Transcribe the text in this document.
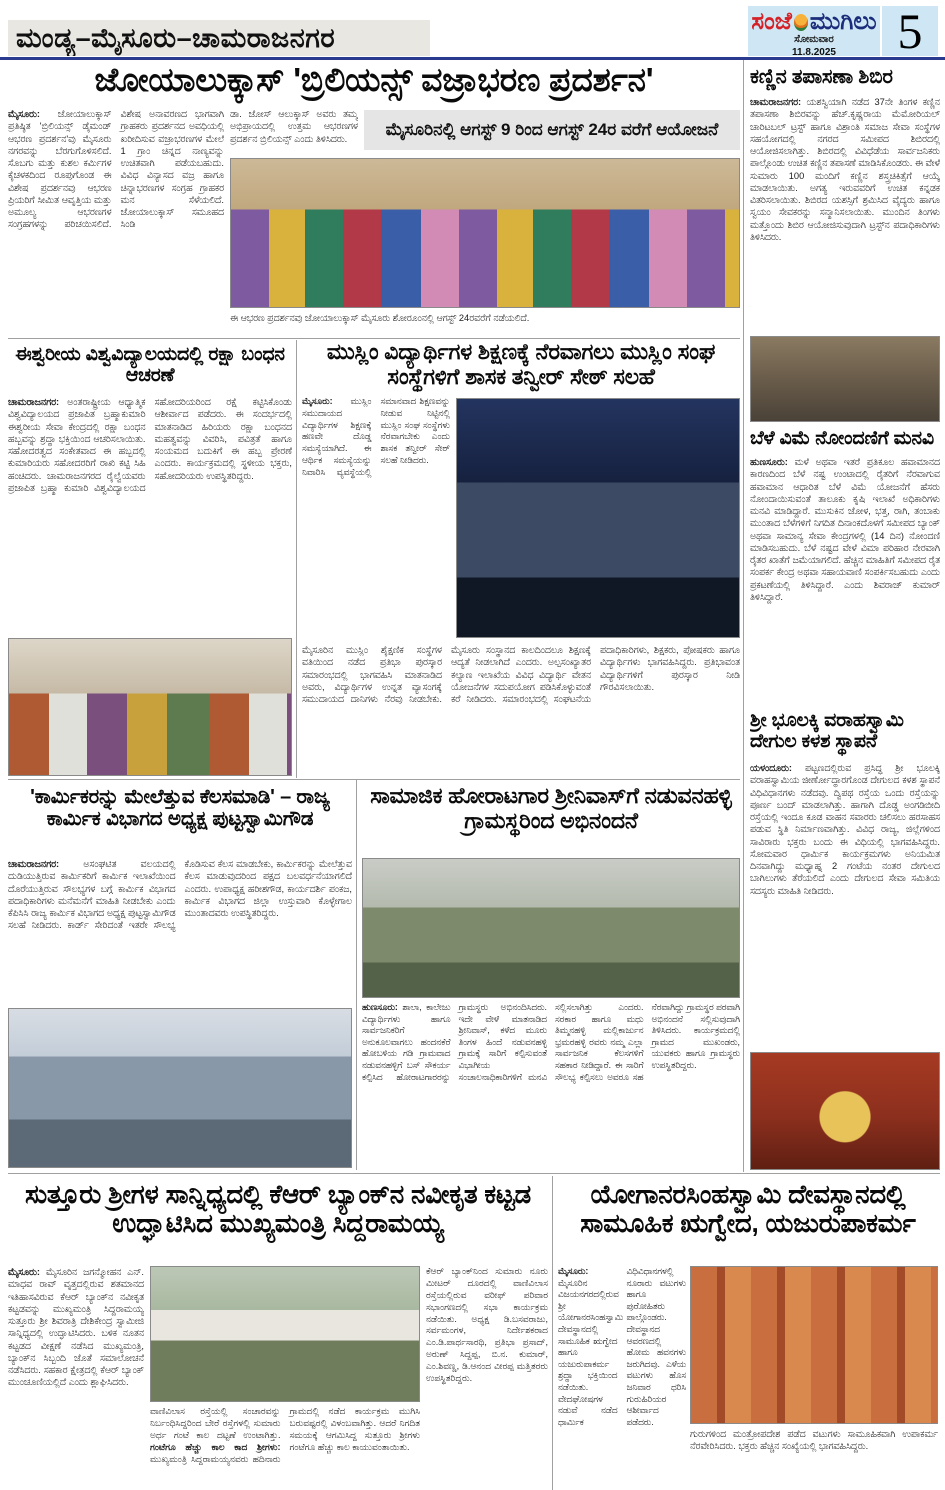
ಮಂಡ್ಯ–ಮೈಸೂರು–ಚಾಮರಾಜನಗರ
ಸಂಜೆ ಮುಗಿಲು
ಸೋಮವಾರ
11.8.2025	5
ಜೋಯಾಲುಕ್ಕಾಸ್ 'ಬ್ರಿಲಿಯನ್ಸ್ ವಜ್ರಾಭರಣ ಪ್ರದರ್ಶನ'
ಮೈಸೂರು: ಜೋಯಾಲುಕ್ಕಾಸ್ ಪ್ರತಿಷ್ಠಿತ 'ಬ್ರಿಲಿಯನ್ಸ್ ಡೈಮಂಡ್ ಆಭರಣ ಪ್ರದರ್ಶನ'ವು ಮೈಸೂರು ನಗರವನ್ನು ಬೆರಗುಗೊಳಿಸಲಿದೆ. ಸೊಬಗು ಮತ್ತು ಕುಶಲ ಕರ್ಮಿಗಳ ಕೈಚಳಕದಿಂದ ರೂಪುಗೊಂಡ ಈ ವಿಶೇಷ ಪ್ರದರ್ಶನವು ಆಭರಣ ಪ್ರಿಯರಿಗೆ ಸೀಮಿತ ಆವೃತ್ತಿಯ ಮತ್ತು ಅಮೂಲ್ಯ ಆಭರಣಗಳ ಸಂಗ್ರಹಗಳನ್ನು ಪರಿಚಯಿಸಲಿದೆ. ವಿಶೇಷ ಅನಾವರಣದ ಭಾಗವಾಗಿ ಗ್ರಾಹಕರು ಪ್ರದರ್ಶನದ ಅವಧಿಯಲ್ಲಿ ಖರೀದಿಸುವ ವಜ್ರಾಭರಣಗಳ ಮೇಲೆ 1 ಗ್ರಾಂ ಚಿನ್ನದ ನಾಣ್ಯವನ್ನು ಉಚಿತವಾಗಿ ಪಡೆಯಬಹುದು. ವಿವಿಧ ವಿನ್ಯಾಸದ ವಜ್ರ ಹಾಗೂ ಚಿನ್ನಾಭರಣಗಳ ಸಂಗ್ರಹ ಗ್ರಾಹಕರ ಮನ ಸೆಳೆಯಲಿದೆ. ಜೋಯಾಲುಕ್ಕಾಸ್ ಸಮೂಹದ ಸಿಂಡಿ
ಡಾ. ಜೋಸ್ ಆಲುಕ್ಕಾಸ್ ಅವರು ತಮ್ಮ ಅಭಿಪ್ರಾಯದಲ್ಲಿ ಉತ್ತಮ ಆಭರಣಗಳ ಪ್ರದರ್ಶನ ಬ್ರಿಲಿಯನ್ಸ್ ಎಂದು ತಿಳಿಸಿದರು.	ಮೈಸೂರಿನಲ್ಲಿ ಆಗಸ್ಟ್ 9 ರಿಂದ ಆಗಸ್ಟ್ 24ರ ವರೆಗೆ ಆಯೋಜನೆ
ಈ ಆಭರಣ ಪ್ರದರ್ಶನವು ಜೋಯಾಲುಕ್ಕಾಸ್ ಮೈಸೂರು ಶೋರೂಂನಲ್ಲಿ ಆಗಸ್ಟ್ 24ರವರೆಗೆ ನಡೆಯಲಿದೆ.
ಕಣ್ಣಿನ ತಪಾಸಣಾ ಶಿಬಿರ
ಚಾಮರಾಜನಗರ: ಯಶಸ್ವಿಯಾಗಿ ನಡೆದ 37ನೇ ತಿಂಗಳ ಕಣ್ಣಿನ ತಪಾಸಣಾ ಶಿಬಿರವನ್ನು ಹೆಚ್.ಕೃಷ್ಣರಾಯ ಮೆಮೋರಿಯಲ್ ಚಾರಿಟಬಲ್ ಟ್ರಸ್ಟ್ ಹಾಗೂ ವಿಶ್ರಾಂತಿ ಸಮಾಜ ಸೇವಾ ಸಂಸ್ಥೆಗಳ ಸಹಯೋಗದಲ್ಲಿ ನಗರದ ಸಮೀಪದ ಶಿಬಿರದಲ್ಲಿ ಆಯೋಜಿಸಲಾಗಿತ್ತು. ಶಿಬಿರದಲ್ಲಿ ವಿವಿಧೆಡೆಯ ಸಾರ್ವಜನಿಕರು ಪಾಲ್ಗೊಂಡು ಉಚಿತ ಕಣ್ಣಿನ ತಪಾಸಣೆ ಮಾಡಿಸಿಕೊಂಡರು. ಈ ವೇಳೆ ಸುಮಾರು 100 ಮಂದಿಗೆ ಕಣ್ಣಿನ ಶಸ್ತ್ರಚಿಕಿತ್ಸೆಗೆ ಆಯ್ಕೆ ಮಾಡಲಾಯಿತು. ಅಗತ್ಯ ಇರುವವರಿಗೆ ಉಚಿತ ಕನ್ನಡಕ ವಿತರಿಸಲಾಯಿತು. ಶಿಬಿರದ ಯಶಸ್ಸಿಗೆ ಶ್ರಮಿಸಿದ ವೈದ್ಯರು ಹಾಗೂ ಸ್ವಯಂ ಸೇವಕರನ್ನು ಸನ್ಮಾನಿಸಲಾಯಿತು. ಮುಂದಿನ ತಿಂಗಳು ಮತ್ತೊಂದು ಶಿಬಿರ ಆಯೋಜಿಸುವುದಾಗಿ ಟ್ರಸ್ಟ್‌ನ ಪದಾಧಿಕಾರಿಗಳು ತಿಳಿಸಿದರು.
ಬೆಳೆ ವಿಮೆ ನೋಂದಣಿಗೆ ಮನವಿ
ಹುಣಸೂರು: ಮಳೆ ಅಥವಾ ಇತರೆ ಪ್ರತಿಕೂಲ ಹವಾಮಾನದ ಕಾರಣದಿಂದ ಬೆಳೆ ನಷ್ಟ ಉಂಟಾದಲ್ಲಿ ರೈತರಿಗೆ ನೆರವಾಗುವ ಹವಾಮಾನ ಆಧಾರಿತ ಬೆಳೆ ವಿಮೆ ಯೋಜನೆಗೆ ಹೆಸರು ನೋಂದಾಯಿಸುವಂತೆ ತಾಲೂಕು ಕೃಷಿ ಇಲಾಖೆ ಅಧಿಕಾರಿಗಳು ಮನವಿ ಮಾಡಿದ್ದಾರೆ. ಮುಸುಕಿನ ಜೋಳ, ಭತ್ತ, ರಾಗಿ, ತಂಬಾಕು ಮುಂತಾದ ಬೆಳೆಗಳಿಗೆ ನಿಗದಿತ ದಿನಾಂಕದೊಳಗೆ ಸಮೀಪದ ಬ್ಯಾಂಕ್ ಅಥವಾ ಸಾಮಾನ್ಯ ಸೇವಾ ಕೇಂದ್ರಗಳಲ್ಲಿ (14 ದಿನ) ನೋಂದಣಿ ಮಾಡಿಸಬಹುದು. ಬೆಳೆ ನಷ್ಟದ ವೇಳೆ ವಿಮಾ ಪರಿಹಾರ ನೇರವಾಗಿ ರೈತರ ಖಾತೆಗೆ ಜಮೆಯಾಗಲಿದೆ. ಹೆಚ್ಚಿನ ಮಾಹಿತಿಗೆ ಸಮೀಪದ ರೈತ ಸಂಪರ್ಕ ಕೇಂದ್ರ ಅಥವಾ ಸಹಾಯವಾಣಿ ಸಂಪರ್ಕಿಸಬಹುದು ಎಂದು ಪ್ರಕಟಣೆಯಲ್ಲಿ ತಿಳಿಸಿದ್ದಾರೆ. ಎಂದು ಶಿವರಾಜ್ ಕುಮಾರ್ ತಿಳಿಸಿದ್ದಾರೆ.
ಶ್ರೀ ಭೂಲಕ್ಕಿ ವರಾಹಸ್ವಾಮಿ ದೇಗುಲ ಕಳಶ ಸ್ಥಾಪನೆ
ಯಳಂದೂರು: ಪಟ್ಟಣದಲ್ಲಿರುವ ಪ್ರಸಿದ್ಧ ಶ್ರೀ ಭೂಲಕ್ಕಿ ವರಾಹಸ್ವಾಮಿಯ ಜೀರ್ಣೋದ್ಧಾರಗೊಂಡ ದೇಗುಲದ ಕಳಶ ಸ್ಥಾಪನೆ ವಿಧಿವಿಧಾನಗಳು ನಡೆದವು. ದ್ವಿಪಥ ರಸ್ತೆಯ ಒಂದು ರಸ್ತೆಯನ್ನು ಪೂರ್ಣ ಬಂದ್ ಮಾಡಲಾಗಿತ್ತು. ಹಾಗಾಗಿ ದೊಡ್ಡ ಅಂಗಡಿಬೀದಿ ರಸ್ತೆಯಲ್ಲಿ ಇಂದೂ ಕೂಡ ವಾಹನ ಸವಾರರು ಚಲಿಸಲು ಹರಸಾಹಸ ಪಡುವ ಸ್ಥಿತಿ ನಿರ್ಮಾಣವಾಗಿತ್ತು. ವಿವಿಧ ರಾಜ್ಯ, ಜಿಲ್ಲೆಗಳಿಂದ ಸಾವಿರಾರು ಭಕ್ತರು ಬಂದು ಈ ವಿಧಿಯಲ್ಲಿ ಭಾಗವಹಿಸಿದ್ದರು. ಸೋಮವಾರ ಧಾರ್ಮಿಕ ಕಾರ್ಯಕ್ರಮಗಳು ಅನಿಯಮಿತ ದಿನವಾಗಿದ್ದು ಮಧ್ಯಾಹ್ನ 2 ಗಂಟೆಯ ನಂತರ ದೇಗುಲದ ಬಾಗಿಲುಗಳು ತೆರೆಯಲಿದೆ ಎಂದು ದೇಗುಲದ ಸೇವಾ ಸಮಿತಿಯ ಸದಸ್ಯರು ಮಾಹಿತಿ ನೀಡಿದರು.
ಈಶ್ವರೀಯ ವಿಶ್ವವಿದ್ಯಾಲಯದಲ್ಲಿ ರಕ್ಷಾ ಬಂಧನ ಆಚರಣೆ
ಚಾಮರಾಜನಗರ: ಅಂತರಾಷ್ಟ್ರೀಯ ಆಧ್ಯಾತ್ಮಿಕ ವಿಶ್ವವಿದ್ಯಾಲಯದ ಪ್ರಜಾಪಿತ ಬ್ರಹ್ಮಾಕುಮಾರಿ ಈಶ್ವರೀಯ ಸೇವಾ ಕೇಂದ್ರದಲ್ಲಿ ರಕ್ಷಾ ಬಂಧನ ಹಬ್ಬವನ್ನು ಶ್ರದ್ಧಾ ಭಕ್ತಿಯಿಂದ ಆಚರಿಸಲಾಯಿತು. ಸಹೋದರತ್ವದ ಸಂಕೇತವಾದ ಈ ಹಬ್ಬದಲ್ಲಿ ಕುಮಾರಿಯರು ಸಹೋದರರಿಗೆ ರಾಖಿ ಕಟ್ಟಿ ಸಿಹಿ ಹಂಚಿದರು. ಚಾಮರಾಜನಗರದ ರೈಲ್ವೆಯವರು ಪ್ರಜಾಪಿತ ಬ್ರಹ್ಮಾ ಕುಮಾರಿ ವಿಶ್ವವಿದ್ಯಾಲಯದ ಸಹೋದರಿಯರಿಂದ ರಕ್ಷೆ ಕಟ್ಟಿಸಿಕೊಂಡು ಆಶೀರ್ವಾದ ಪಡೆದರು. ಈ ಸಂದರ್ಭದಲ್ಲಿ ಮಾತನಾಡಿದ ಹಿರಿಯರು ರಕ್ಷಾ ಬಂಧನದ ಮಹತ್ವವನ್ನು ವಿವರಿಸಿ, ಪವಿತ್ರತೆ ಹಾಗೂ ಸಂಯಮದ ಬದುಕಿಗೆ ಈ ಹಬ್ಬ ಪ್ರೇರಣೆ ಎಂದರು. ಕಾರ್ಯಕ್ರಮದಲ್ಲಿ ಸ್ಥಳೀಯ ಭಕ್ತರು, ಸಹೋದರಿಯರು ಉಪಸ್ಥಿತರಿದ್ದರು.
ಮುಸ್ಲಿಂ ವಿದ್ಯಾರ್ಥಿಗಳ ಶಿಕ್ಷಣಕ್ಕೆ ನೆರವಾಗಲು ಮುಸ್ಲಿಂ ಸಂಘ ಸಂಸ್ಥೆಗಳಿಗೆ ಶಾಸಕ ತನ್ವೀರ್ ಸೇಠ್ ಸಲಹೆ
ಮೈಸೂರು: ಮುಸ್ಲಿಂ ಸಮುದಾಯದ ವಿದ್ಯಾರ್ಥಿಗಳ ಶಿಕ್ಷಣಕ್ಕೆ ಹಣವೇ ದೊಡ್ಡ ಸಮಸ್ಯೆಯಾಗಿದೆ. ಈ ಆರ್ಥಿಕ ಸಮಸ್ಯೆಯನ್ನು ನಿವಾರಿಸಿ ವ್ಯವಸ್ಥೆಯಲ್ಲಿ ಸಮಾನವಾದ ಶಿಕ್ಷಣವನ್ನು ನೀಡುವ ನಿಟ್ಟಿನಲ್ಲಿ ಮುಸ್ಲಿಂ ಸಂಘ ಸಂಸ್ಥೆಗಳು ನೆರವಾಗಬೇಕು ಎಂದು ಶಾಸಕ ತನ್ವೀರ್ ಸೇಠ್ ಸಲಹೆ ನೀಡಿದರು.
ಮೈಸೂರಿನ ಮುಸ್ಲಿಂ ಶೈಕ್ಷಣಿಕ ಸಂಸ್ಥೆಗಳ ವತಿಯಿಂದ ನಡೆದ ಪ್ರತಿಭಾ ಪುರಸ್ಕಾರ ಸಮಾರಂಭದಲ್ಲಿ ಭಾಗವಹಿಸಿ ಮಾತನಾಡಿದ ಅವರು, ವಿದ್ಯಾರ್ಥಿಗಳ ಉನ್ನತ ವ್ಯಾಸಂಗಕ್ಕೆ ಸಮುದಾಯದ ದಾನಿಗಳು ನೆರವು ನೀಡಬೇಕು. ಮೈಸೂರು ಸಂಸ್ಥಾನದ ಕಾಲದಿಂದಲೂ ಶಿಕ್ಷಣಕ್ಕೆ ಆದ್ಯತೆ ನೀಡಲಾಗಿದೆ ಎಂದರು. ಅಲ್ಪಸಂಖ್ಯಾತರ ಕಲ್ಯಾಣ ಇಲಾಖೆಯ ವಿವಿಧ ವಿದ್ಯಾರ್ಥಿ ವೇತನ ಯೋಜನೆಗಳ ಸದುಪಯೋಗ ಪಡಿಸಿಕೊಳ್ಳುವಂತೆ ಕರೆ ನೀಡಿದರು. ಸಮಾರಂಭದಲ್ಲಿ ಸಂಘಟನೆಯ ಪದಾಧಿಕಾರಿಗಳು, ಶಿಕ್ಷಕರು, ಪೋಷಕರು ಹಾಗೂ ವಿದ್ಯಾರ್ಥಿಗಳು ಭಾಗವಹಿಸಿದ್ದರು. ಪ್ರತಿಭಾವಂತ ವಿದ್ಯಾರ್ಥಿಗಳಿಗೆ ಪುರಸ್ಕಾರ ನೀಡಿ ಗೌರವಿಸಲಾಯಿತು.
'ಕಾರ್ಮಿಕರನ್ನು ಮೇಲೆತ್ತುವ ಕೆಲಸಮಾಡಿ' – ರಾಜ್ಯ ಕಾರ್ಮಿಕ ವಿಭಾಗದ ಅಧ್ಯಕ್ಷ ಪುಟ್ಟಸ್ವಾಮಿಗೌಡ
ಚಾಮರಾಜನಗರ:	ಅಸಂಘಟಿತ ವಲಯದಲ್ಲಿ ದುಡಿಯುತ್ತಿರುವ ಕಾರ್ಮಿಕರಿಗೆ ಕಾರ್ಮಿಕ ಇಲಾಖೆಯಿಂದ ದೊರೆಯುತ್ತಿರುವ ಸೌಲಭ್ಯಗಳ ಬಗ್ಗೆ ಕಾರ್ಮಿಕ ವಿಭಾಗದ ಪದಾಧಿಕಾರಿಗಳು ಮನೆಮನೆಗೆ ಮಾಹಿತಿ ನೀಡಬೇಕು ಎಂದು ಕೆಪಿಸಿಸಿ ರಾಜ್ಯ ಕಾರ್ಮಿಕ ವಿಭಾಗದ ಅಧ್ಯಕ್ಷ ಪುಟ್ಟಸ್ವಾಮಿಗೌಡ ಸಲಹೆ ನೀಡಿದರು. ಕಾರ್ಡ್ ಸೇರಿದಂತೆ ಇತರೇ ಸೌಲಭ್ಯ ಕೊಡಿಸುವ ಕೆಲಸ ಮಾಡಬೇಕು, ಕಾರ್ಮಿಕರನ್ನು ಮೇಲೆತ್ತುವ ಕೆಲಸ ಮಾಡುವುದರಿಂದ ಪಕ್ಷದ ಬಲವರ್ಧನೆಯಾಗಲಿದೆ ಎಂದರು. ಉಪಾಧ್ಯಕ್ಷ ಹರೀಶಗೌಡ, ಕಾರ್ಯದರ್ಶಿ ಪಂಕಜ, ಕಾರ್ಮಿಕ ವಿಭಾಗದ ಜಿಲ್ಲಾ ಉಸ್ತುವಾರಿ ಕೊಳ್ಳೇಗಾಲ ಮುಂತಾದವರು ಉಪಸ್ಥಿತರಿದ್ದರು.
ಸಾಮಾಜಿಕ ಹೋರಾಟಗಾರ ಶ್ರೀನಿವಾಸ್‌ಗೆ ನಡುವನಹಳ್ಳಿ ಗ್ರಾಮಸ್ಥರಿಂದ ಅಭಿನಂದನೆ
ಹುಣಸೂರು: ಶಾಲಾ, ಕಾಲೇಜು ವಿದ್ಯಾರ್ಥಿಗಳು ಹಾಗೂ ಸಾರ್ವಜನಿಕರಿಗೆ ಅನುಕೂಲವಾಗಲು ಹಂದನಕೆರೆ ಹೋಬಳಿಯ ಗಡಿ ಗ್ರಾಮವಾದ ನಡುವನಹಳ್ಳಿಗೆ ಬಸ್ ಸೌಕರ್ಯ ಕಲ್ಪಿಸಿದ ಹೋರಾಟಗಾರರನ್ನು ಗ್ರಾಮಸ್ಥರು ಅಭಿನಂದಿಸಿದರು. ಇದೇ ವೇಳೆ ಮಾತನಾಡಿದ ಶ್ರೀನಿವಾಸ್, ಕಳೆದ ಮೂರು ತಿಂಗಳ ಹಿಂದೆ ನಡುವನಹಳ್ಳಿ ಗ್ರಾಮಕ್ಕೆ ಸಾರಿಗೆ ಕಲ್ಪಿಸುವಂತೆ ವಿಭಾಗೀಯ ಸಂಚಾಲನಾಧಿಕಾರಿಗಳಿಗೆ ಮನವಿ ಸಲ್ಲಿಸಲಾಗಿತ್ತು ಎಂದರು. ಸರಕಾರ ಹಾಗೂ ಮಧು ತಿಮ್ಮನಹಳ್ಳಿ ಮಲ್ಲಿಕಾರ್ಜುನ ಭ್ರಮರಹಳ್ಳಿ ರವರು ನಮ್ಮ ಎಲ್ಲಾ ಸಾರ್ವಜನಿಕ ಕೆಲಸಗಳಿಗೆ ಸಹಕಾರ ನೀಡಿದ್ದಾರೆ. ಈ ಸಾರಿಗೆ ಸೌಲಭ್ಯ ಕಲ್ಪಿಸಲು ಅವರೂ ಸಹ ನೆರವಾಗಿದ್ದು ಗ್ರಾಮಸ್ಥರ ಪರವಾಗಿ ಅಭಿನಂದನೆ ಸಲ್ಲಿಸುವುದಾಗಿ ತಿಳಿಸಿದರು. ಕಾರ್ಯಕ್ರಮದಲ್ಲಿ ಗ್ರಾಮದ ಮುಖಂಡರು, ಯುವಕರು ಹಾಗೂ ಗ್ರಾಮಸ್ಥರು ಉಪಸ್ಥಿತರಿದ್ದರು.
ಸುತ್ತೂರು ಶ್ರೀಗಳ ಸಾನ್ನಿಧ್ಯದಲ್ಲಿ ಕೆಆರ್ ಬ್ಯಾಂಕ್‌ನ ನವೀಕೃತ ಕಟ್ಟಡ ಉದ್ಘಾಟಿಸಿದ ಮುಖ್ಯಮಂತ್ರಿ ಸಿದ್ದರಾಮಯ್ಯ
ಮೈಸೂರು: ಮೈಸೂರಿನ ಜಗನ್ಮೋಹನ ಎನ್. ಮಾಧವ ರಾವ್ ವೃತ್ತದಲ್ಲಿರುವ ಶತಮಾನದ ಇತಿಹಾಸವಿರುವ ಕೆಆರ್ ಬ್ಯಾಂಕ್‌ನ ನವೀಕೃತ ಕಟ್ಟಡವನ್ನು ಮುಖ್ಯಮಂತ್ರಿ ಸಿದ್ದರಾಮಯ್ಯ ಸುತ್ತೂರು ಶ್ರೀ ಶಿವರಾತ್ರಿ ದೇಶಿಕೇಂದ್ರ ಸ್ವಾಮೀಜಿ ಸಾನ್ನಿಧ್ಯದಲ್ಲಿ ಉದ್ಘಾಟಿಸಿದರು. ಬಳಿಕ ನೂತನ ಕಟ್ಟಡದ ವೀಕ್ಷಣೆ ನಡೆಸಿದ ಮುಖ್ಯಮಂತ್ರಿ, ಬ್ಯಾಂಕ್‌ನ ಸಿಬ್ಬಂದಿ ಜೊತೆ ಸಮಾಲೋಚನೆ ನಡೆಸಿದರು. ಸಹಕಾರ ಕ್ಷೇತ್ರದಲ್ಲಿ ಕೆಆರ್ ಬ್ಯಾಂಕ್ ಮುಂಚೂಣಿಯಲ್ಲಿದೆ ಎಂದು ಶ್ಲಾಘಿಸಿದರು.
ಕೆಆರ್ ಬ್ಯಾಂಕ್‌ನಿಂದ ಸುಮಾರು ನೂರು ಮೀಟರ್ ದೂರದಲ್ಲಿ ವಾಣಿವಿಲಾಸ ರಸ್ತೆಯಲ್ಲಿರುವ ವರೀಫ್ ಪರಿವಾರ ಸಭಾಂಗಣದಲ್ಲಿ ಸಭಾ ಕಾರ್ಯಕ್ರಮ ನಡೆಯಿತು. ಅಧ್ಯಕ್ಷ ಡಿ.ಬಸವರಾಜು, ಸರ್ವಮಂಗಳ, ನಿರ್ದೇಶಕರಾದ ಎಂ.ಡಿ.ಪಾರ್ಥಸಾರಥಿ, ಪ್ರತಿಭಾ ಪ್ರಸಾದ್, ಅರುಣ್ ಸಿದ್ದಪ್ಪ, ಬಿ.ನ. ಕುಮಾರ್, ಎಂ.ಶಿವಣ್ಣ, ಡಿ.ಆನಂದ ವೀರಪ್ಪ ಮತ್ತಿತರರು ಉಪಸ್ಥಿತರಿದ್ದರು.
ವಾಣಿವಿಲಾಸ ರಸ್ತೆಯಲ್ಲಿ ಸಂಚಾರವನ್ನು ನಿರ್ಬಂಧಿಸಿದ್ದರಿಂದ ಬೇರೆ ರಸ್ತೆಗಳಲ್ಲಿ ಸುಮಾರು ಅರ್ಧ ಗಂಟೆ ಕಾಲ ದಟ್ಟಣೆ ಉಂಟಾಗಿತ್ತು. ಗಂಟೆಗೂ ಹೆಚ್ಚು ಕಾಲ ಕಾದ ಶ್ರೀಗಳು: ಮುಖ್ಯಮಂತ್ರಿ ಸಿದ್ದರಾಮಯ್ಯನವರು ಹದಿನಾರು ಗ್ರಾಮದಲ್ಲಿ ನಡೆದ ಕಾರ್ಯಕ್ರಮ ಮುಗಿಸಿ ಬರುವಷ್ಟರಲ್ಲಿ ವಿಳಂಬವಾಗಿತ್ತು. ಆದರೆ ನಿಗದಿತ ಸಮಯಕ್ಕೆ ಆಗಮಿಸಿದ್ದ ಸುತ್ತೂರು ಶ್ರೀಗಳು ಗಂಟೆಗೂ ಹೆಚ್ಚು ಕಾಲ ಕಾಯುವಂತಾಯಿತು.
ಯೋಗಾನರಸಿಂಹಸ್ವಾಮಿ ದೇವಸ್ಥಾನದಲ್ಲಿ ಸಾಮೂಹಿಕ ಋಗ್ವೇದ, ಯಜುರುಪಾಕರ್ಮ
ಮೈಸೂರು: ಮೈಸೂರಿನ ವಿಜಯನಗರದಲ್ಲಿರುವ ಶ್ರೀ ಯೋಗಾನರಸಿಂಹಸ್ವಾಮಿ ದೇವಸ್ಥಾನದಲ್ಲಿ ಸಾಮೂಹಿಕ ಋಗ್ವೇದ ಹಾಗೂ ಯಜುರುಪಾಕರ್ಮ ಶ್ರದ್ಧಾ ಭಕ್ತಿಯಿಂದ ನಡೆಯಿತು. ವೇದಘೋಷಗಳ ನಡುವೆ ನಡೆದ ಧಾರ್ಮಿಕ ವಿಧಿವಿಧಾನಗಳಲ್ಲಿ ನೂರಾರು ವಟುಗಳು ಹಾಗೂ ಪುರೋಹಿತರು ಪಾಲ್ಗೊಂಡರು. ದೇವಸ್ಥಾನದ ಆವರಣದಲ್ಲಿ ಹೋಮ ಹವನಗಳು ಜರುಗಿದವು. ಎಳೆಯ ವಟುಗಳು ಹೊಸ ಜನಿವಾರ ಧರಿಸಿ ಗುರುಹಿರಿಯರ ಆಶೀರ್ವಾದ ಪಡೆದರು.
ಗುರುಗಳಿಂದ ಮಂತ್ರೋಪದೇಶ ಪಡೆದ ವಟುಗಳು ಸಾಮೂಹಿಕವಾಗಿ ಉಪಾಕರ್ಮ ನೆರವೇರಿಸಿದರು. ಭಕ್ತರು ಹೆಚ್ಚಿನ ಸಂಖ್ಯೆಯಲ್ಲಿ ಭಾಗವಹಿಸಿದ್ದರು.
